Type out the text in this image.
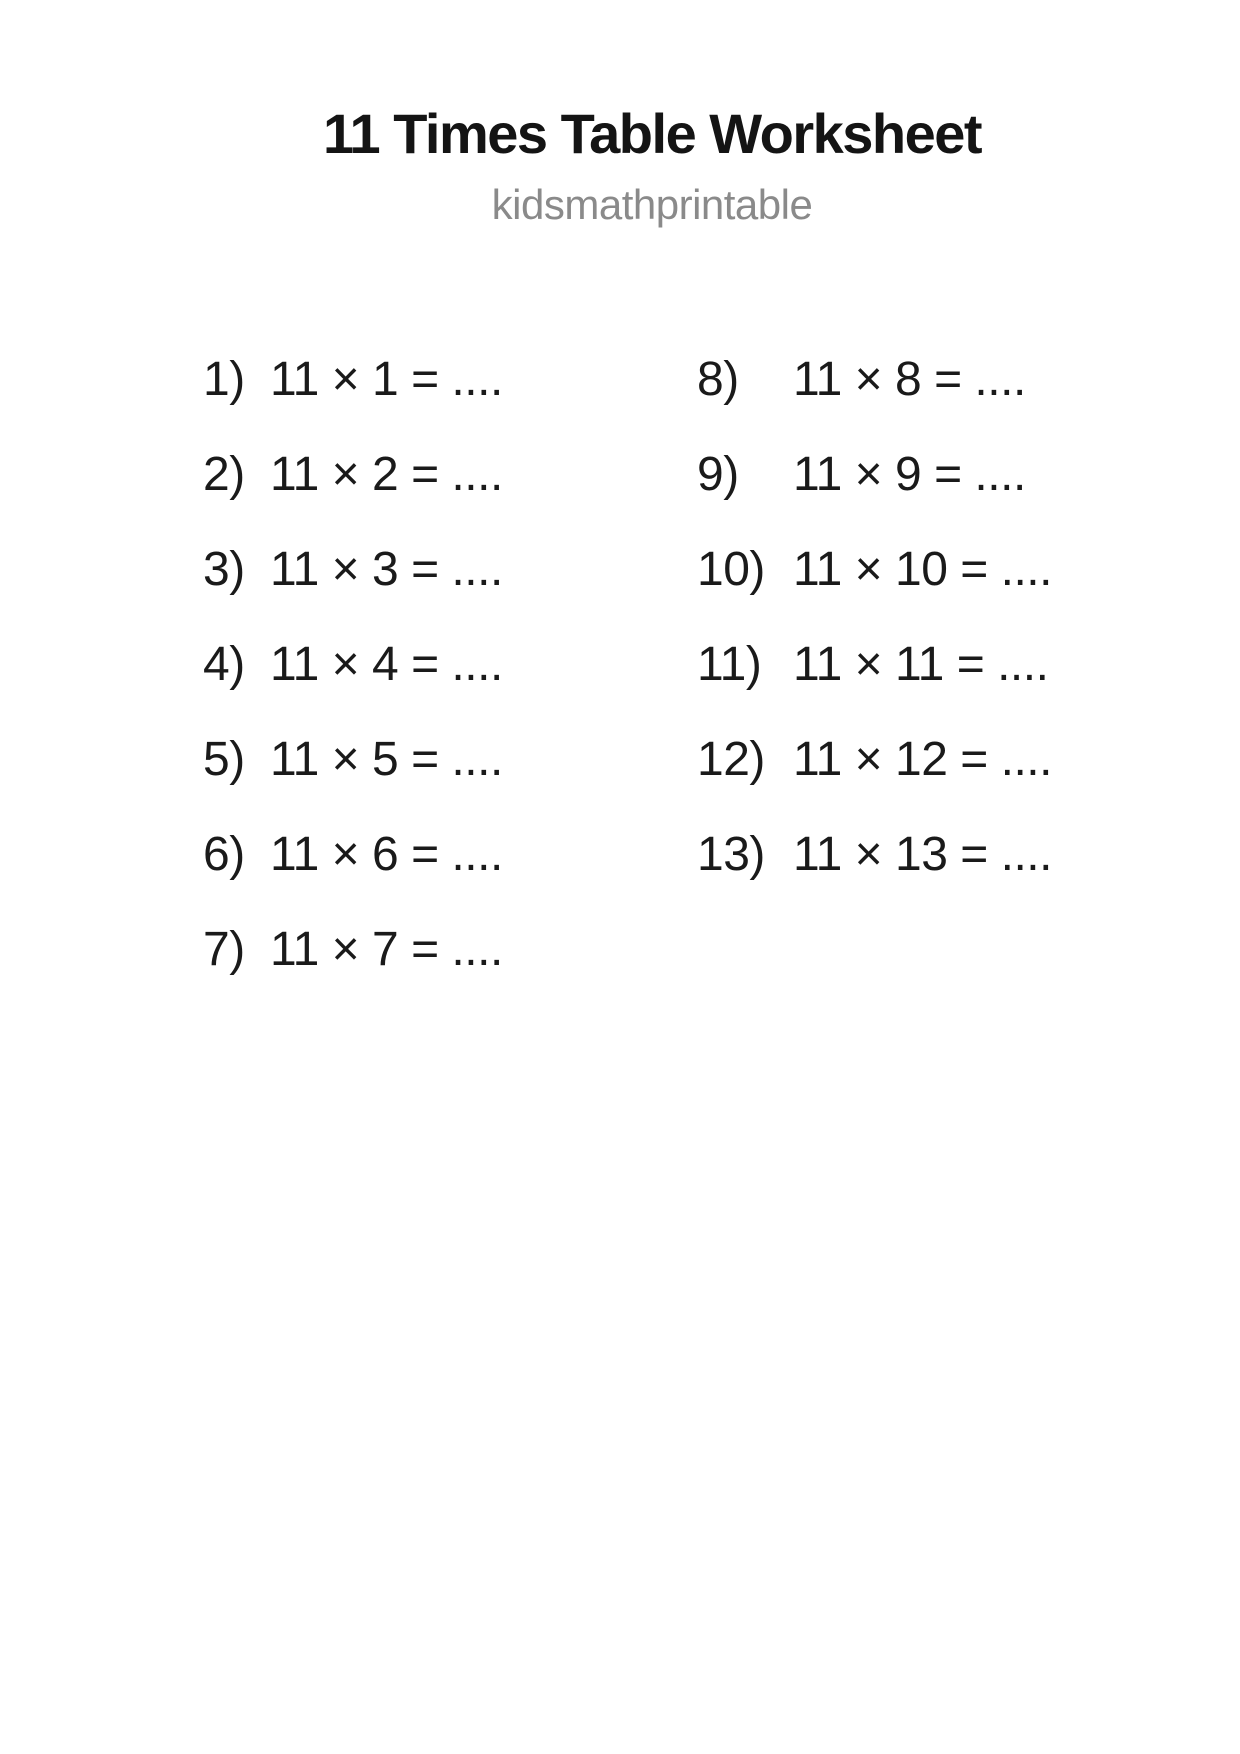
11 Times Table Worksheet
kidsmathprintable
1) 11 × 1 = ....
2) 11 × 2 = ....
3) 11 × 3 = ....
4) 11 × 4 = ....
5) 11 × 5 = ....
6) 11 × 6 = ....
7) 11 × 7 = ....
8) 11 × 8 = ....
9) 11 × 9 = ....
10) 11 × 10 = ....
11) 11 × 11 = ....
12) 11 × 12 = ....
13) 11 × 13 = ....
